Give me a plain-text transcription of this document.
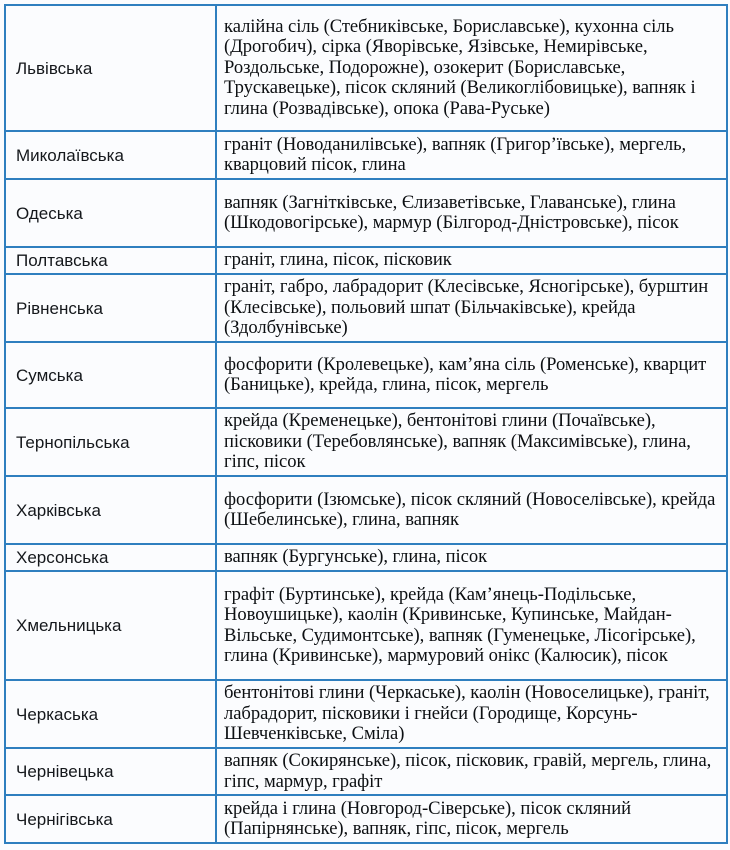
Львівська	калійна сіль (Стебниківське, Бориславське), кухонна сіль (Дрогобич), сірка (Яворівське, Язівське, Немирівське, Роздольське, Подорожне), озокерит (Бориславське, Трускавецьке), пісок скляний (Великоглібовицьке), вапняк і глина (Розвадівське), опока (Рава-Руське)

Миколаївська	граніт (Новоданилівське), вапняк (Григор’ївське), мергель, кварцовий пісок, глина

Одеська	вапняк (Загнітківське, Єлизаветівське, Главанське), глина (Шкодовогірське), мармур (Білгород-Дністровське), пісок

Полтавська	граніт, глина, пісок, пісковик

Рівненська	граніт, габро, лабрадорит (Клесівське, Ясногірське), бурштин (Клесівське), польовий шпат (Більчаківське), крейда (Здолбунівське)

Сумська	фосфорити (Кролевецьке), кам’яна сіль (Роменське), кварцит (Баницьке), крейда, глина, пісок, мергель

Тернопільська	крейда (Кременецьке), бентонітові глини (Почаївське), пісковики (Теребовлянське), вапняк (Максимівське), глина, гіпс, пісок

Харківська	фосфорити (Ізюмське), пісок скляний (Новоселівське), крейда (Шебелинське), глина, вапняк

Херсонська	вапняк (Бургунське), глина, пісок

Хмельницька	графіт (Буртинське), крейда (Кам’янець-Подільське, Новоушицьке), каолін (Кривинське, Купинське, Майдан-Вільське, Судимонтське), вапняк (Гуменецьке, Лісогірське), глина (Кривинське), мармуровий онікс (Калюсик), пісок

Черкаська	бентонітові глини (Черкаське), каолін (Новоселицьке), граніт, лабрадорит, пісковики і гнейси (Городище, Корсунь-Шевченківське, Сміла)

Чернівецька	вапняк (Сокирянське), пісок, пісковик, гравій, мергель, глина, гіпс, мармур, графіт

Чернігівська	крейда і глина (Новгород-Сіверське), пісок скляний (Папірнянське), вапняк, гіпс, пісок, мергель
